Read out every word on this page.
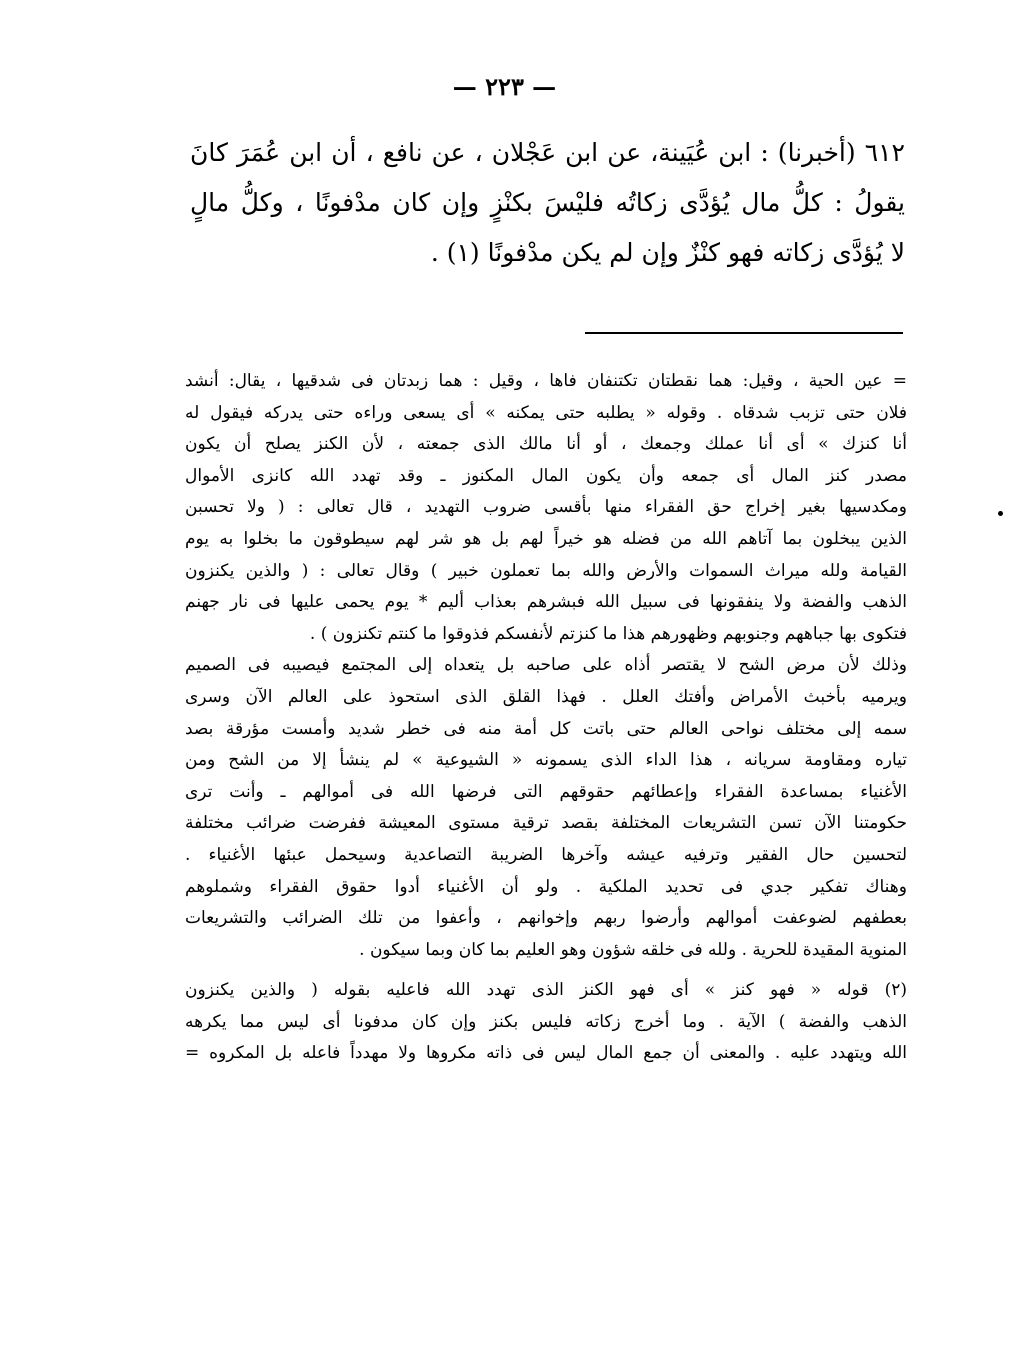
— ٢٢٣ —
٦١٢ (أخبرنا) : ابن عُيَينة، عن ابن عَجْلان ، عن نافع ، أن ابن عُمَرَ كانَ
يقولُ : كلُّ مال يُؤدَّى زكاتُه فليْسَ بكنْزٍ وإن كان مدْفونًا ، وكلُّ مالٍ
لا يُؤدَّى زكاته فهو كنْزٌ وإن لم يكن مدْفونًا (١) .
= عين الحية ، وقيل: هما نقطتان تكتنفان فاها ، وقيل : هما زبدتان فى شدقيها ، يقال: أنشد
فلان حتى تزبب شدقاه . وقوله « يطلبه حتى يمكنه » أى يسعى وراءه حتى يدركه فيقول له
أنا كنزك » أى أنا عملك وجمعك ، أو أنا مالك الذى جمعته ، لأن الكنز يصلح أن يكون
مصدر كنز المال أى جمعه وأن يكون المال المكنوز ـ وقد تهدد الله كانزى الأموال
ومكدسيها بغير إخراج حق الفقراء منها بأقسى ضروب التهديد ، قال تعالى : ( ولا تحسبن
الذين يبخلون بما آتاهم الله من فضله هو خيراً لهم بل هو شر لهم سيطوقون ما بخلوا به يوم
القيامة ولله ميراث السموات والأرض والله بما تعملون خبير ) وقال تعالى : ( والذين يكنزون
الذهب والفضة ولا ينفقونها فى سبيل الله فبشرهم بعذاب أليم * يوم يحمى عليها فى نار جهنم
فتكوى بها جباههم وجنوبهم وظهورهم هذا ما كنزتم لأنفسكم فذوقوا ما كنتم تكنزون ) .
وذلك لأن مرض الشح لا يقتصر أذاه على صاحبه بل يتعداه إلى المجتمع فيصيبه فى الصميم
ويرميه بأخبث الأمراض وأفتك العلل . فهذا القلق الذى استحوذ على العالم الآن وسرى
سمه إلى مختلف نواحى العالم حتى باتت كل أمة منه فى خطر شديد وأمست مؤرقة بصد
تياره ومقاومة سريانه ، هذا الداء الذى يسمونه « الشيوعية » لم ينشأ إلا من الشح ومن
الأغنياء بمساعدة الفقراء وإعطائهم حقوقهم التى فرضها الله فى أموالهم ـ وأنت ترى
حكومتنا الآن تسن التشريعات المختلفة بقصد ترقية مستوى المعيشة ففرضت ضرائب مختلفة
لتحسين حال الفقير وترفيه عيشه وآخرها الضريبة التصاعدية وسيحمل عبئها الأغنياء .
وهناك تفكير جدي فى تحديد الملكية . ولو أن الأغنياء أدوا حقوق الفقراء وشملوهم
بعطفهم لضوعفت أموالهم وأرضوا ربهم وإخوانهم ، وأعفوا من تلك الضرائب والتشريعات
المنوية المقيدة للحرية . ولله فى خلقه شؤون وهو العليم بما كان وبما سيكون .
(٢) قوله « فهو كنز » أى فهو الكنز الذى تهدد الله فاعليه بقوله ( والذين يكنزون
الذهب والفضة ) الآية . وما أخرج زكاته فليس بكنز وإن كان مدفونا أى ليس مما يكرهه
الله ويتهدد عليه . والمعنى أن جمع المال ليس فى ذاته مكروها ولا مهدداً فاعله بل المكروه =
